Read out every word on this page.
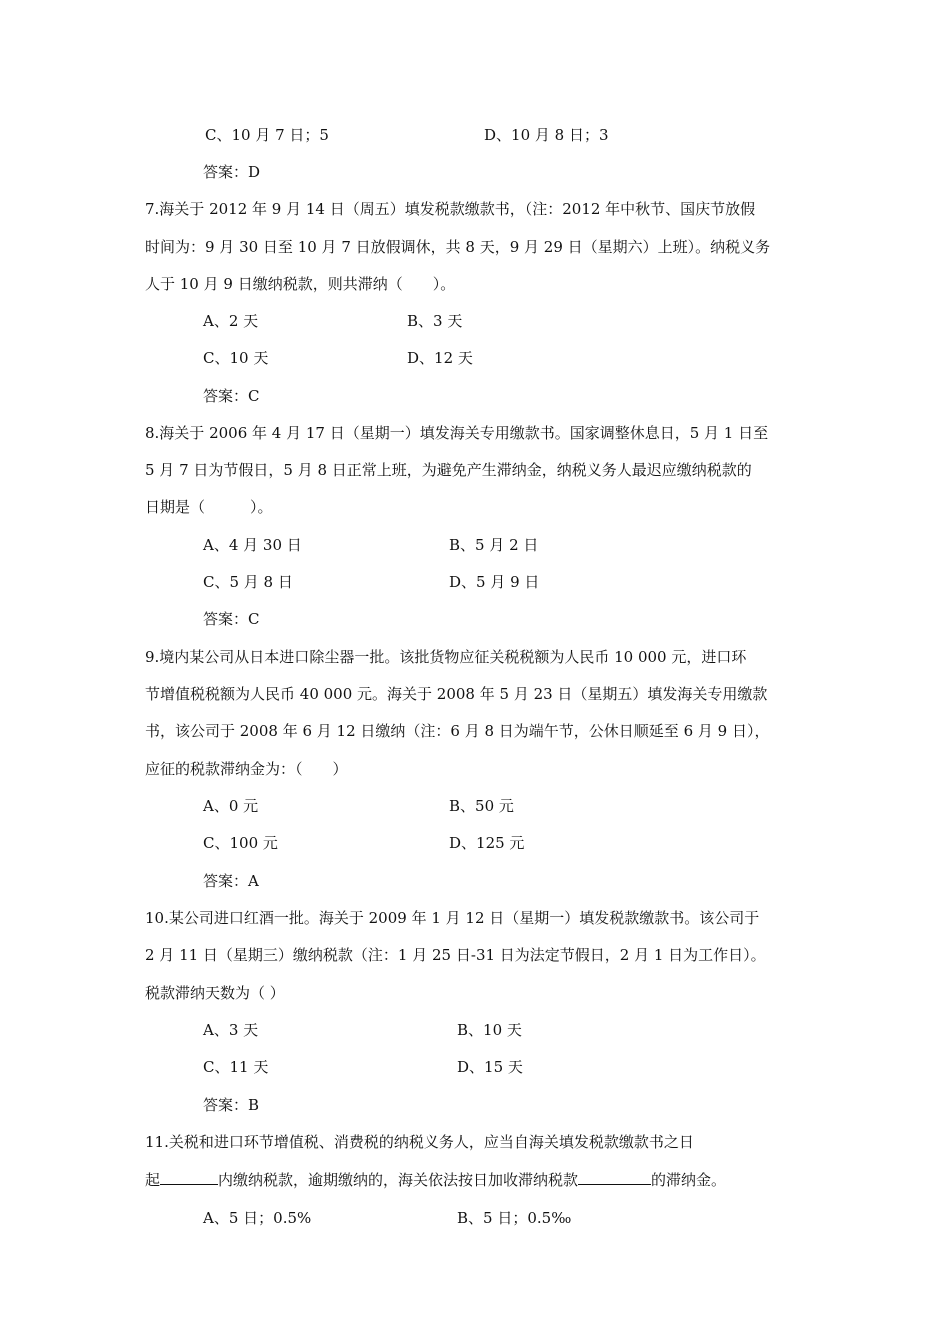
C、10 月 7 日；5	D、10 月 8 日；3
答案：D
7.海关于 2012 年 9 月 14 日（周五）填发税款缴款书，（注：2012 年中秋节、国庆节放假
时间为：9 月 30 日至 10 月 7 日放假调休，共 8 天，9 月 29 日（星期六）上班）。纳税义务
人于 10 月 9 日缴纳税款，则共滞纳（　　）。
A、2 天	B、3 天
C、10 天	D、12 天
答案：C
8.海关于 2006 年 4 月 17 日（星期一）填发海关专用缴款书。国家调整休息日，5 月 1 日至
5 月 7 日为节假日，5 月 8 日正常上班，为避免产生滞纳金，纳税义务人最迟应缴纳税款的
日期是（　　　）。
A、4 月 30 日	B、5 月 2 日
C、5 月 8 日	D、5 月 9 日
答案：C
9.境内某公司从日本进口除尘器一批。该批货物应征关税税额为人民币 10 000 元，进口环
节增值税税额为人民币 40 000 元。海关于 2008 年 5 月 23 日（星期五）填发海关专用缴款
书，该公司于 2008 年 6 月 12 日缴纳（注：6 月 8 日为端午节，公休日顺延至 6 月 9 日），
应征的税款滞纳金为：（　　）
A、0 元	B、50 元
C、100 元	D、125 元
答案：A
10.某公司进口红酒一批。海关于 2009 年 1 月 12 日（星期一）填发税款缴款书。该公司于
2 月 11 日（星期三）缴纳税款（注：1 月 25 日-31 日为法定节假日，2 月 1 日为工作日）。
税款滞纳天数为（ ）
A、3 天	B、10 天
C、11 天	D、15 天
答案：B
11.关税和进口环节增值税、消费税的纳税义务人，应当自海关填发税款缴款书之日
起	内缴纳税款，逾期缴纳的，海关依法按日加收滞纳税款	的滞纳金。
A、5 日；0.5%	B、5 日；0.5‰
